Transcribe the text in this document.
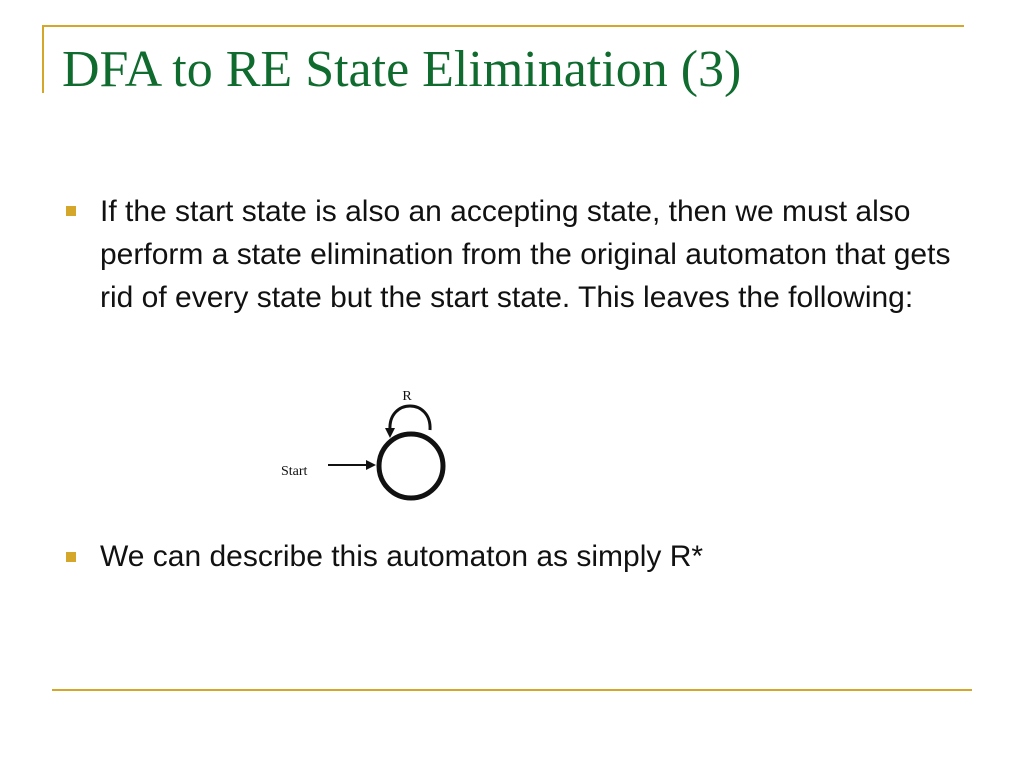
DFA to RE State Elimination (3)

If the start state is also an accepting state, then we must also perform a state elimination from the original automaton that gets rid of every state but the start state. This leaves the following:

R
Start

We can describe this automaton as simply R*
